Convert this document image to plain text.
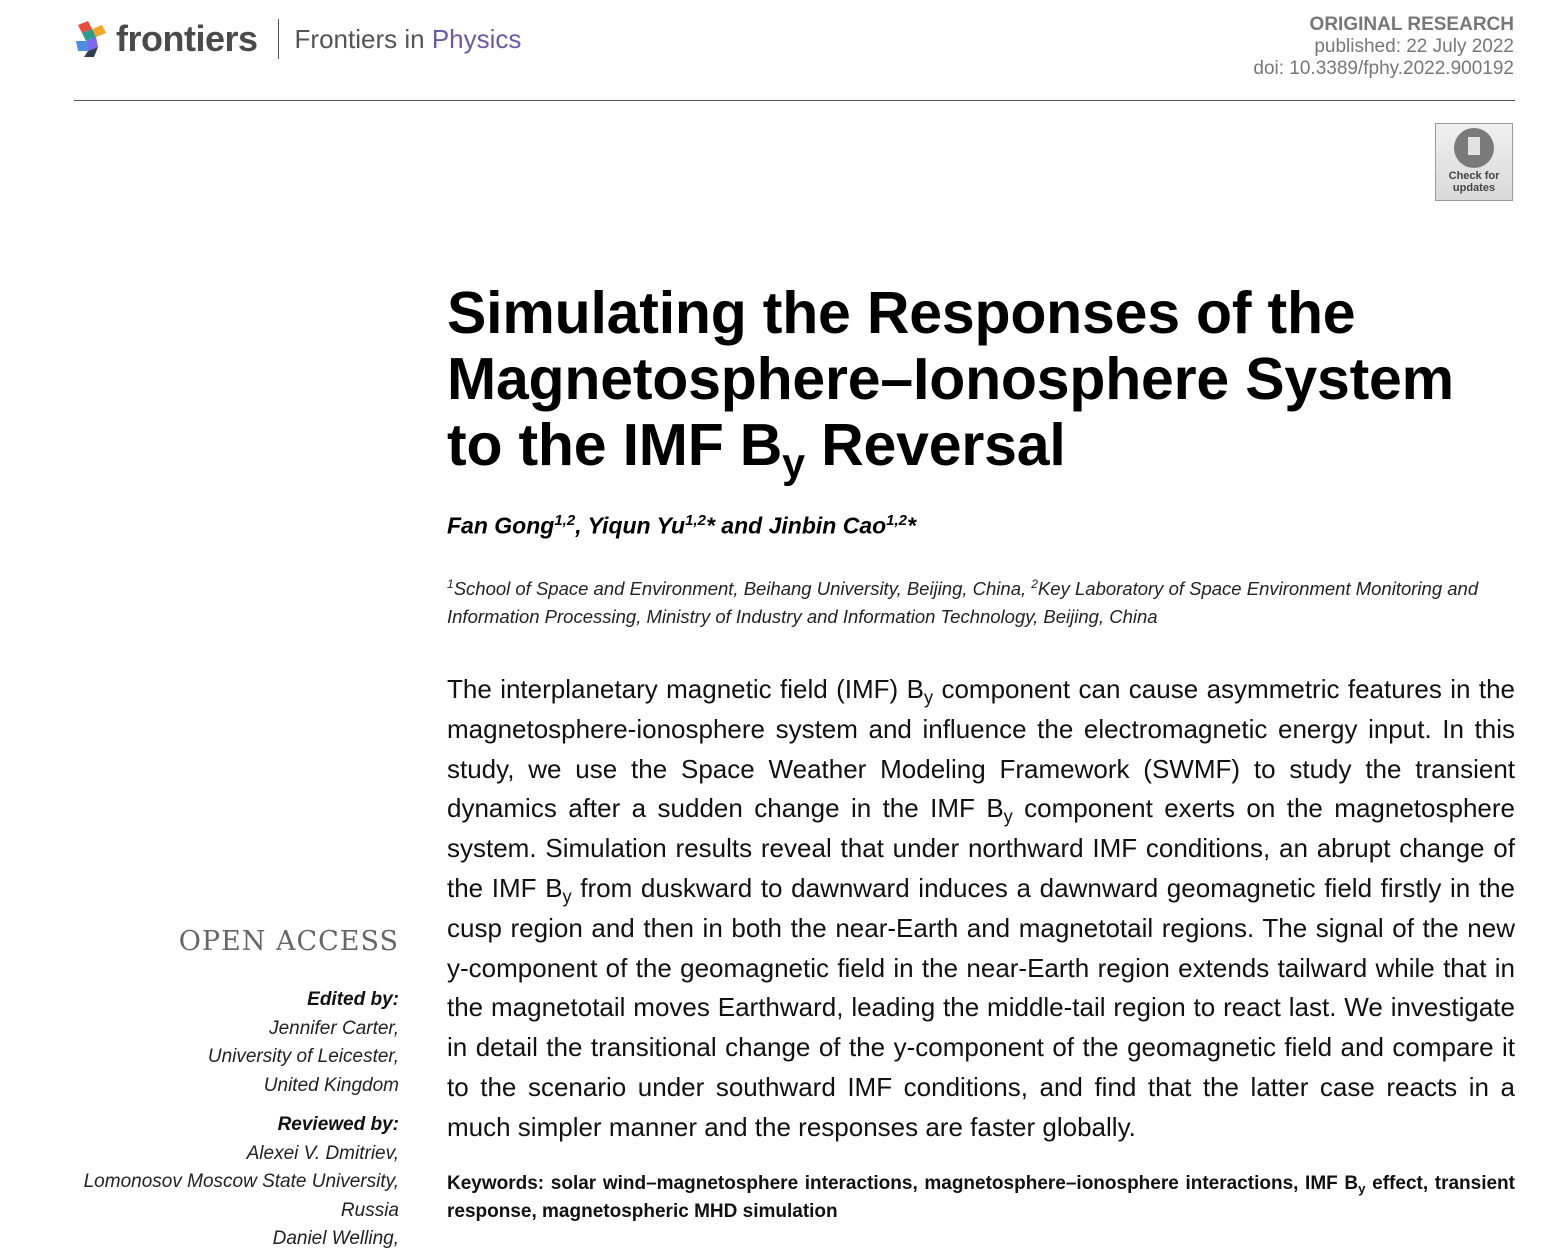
frontiers Frontiers in Physics	ORIGINAL RESEARCH
published: 22 July 2022
doi: 10.3389/fphy.2022.900192
Check for
updates
Simulating the Responses of the
Magnetosphere–Ionosphere System
to the IMF $B_y$ Reversal
Fan Gong$^{1,2}$, Yiqun Yu$^{1,2}$* and Jinbin Cao$^{1,2}$*
$^1$School of Space and Environment, Beihang University, Beijing, China, $^2$Key Laboratory of Space Environment Monitoring and Information Processing, Ministry of Industry and Information Technology, Beijing, China
The interplanetary magnetic field (IMF) $B_y$ component can cause asymmetric features in the magnetosphere-ionosphere system and influence the electromagnetic energy input. In this study, we use the Space Weather Modeling Framework (SWMF) to study the transient dynamics after a sudden change in the IMF $B_y$ component exerts on the magnetosphere system. Simulation results reveal that under northward IMF conditions, an abrupt change of the IMF $B_y$ from duskward to dawnward induces a dawnward geomagnetic field firstly in the cusp region and then in both the near-Earth and magnetotail regions. The signal of the new y-component of the geomagnetic field in the near-Earth region extends tailward while that in the magnetotail moves Earthward, leading the middle-tail region to react last. We investigate in detail the transitional change of the y-component of the geomagnetic field and compare it to the scenario under southward IMF conditions, and find that the latter case reacts in a much simpler manner and the responses are faster globally.
Keywords: solar wind–magnetosphere interactions, magnetosphere–ionosphere interactions, IMF $B_y$ effect, transient response, magnetospheric MHD simulation
OPEN ACCESS
Edited by:
Jennifer Carter,
University of Leicester,
United Kingdom
Reviewed by:
Alexei V. Dmitriev,
Lomonosov Moscow State University,
Russia
Daniel Welling,
